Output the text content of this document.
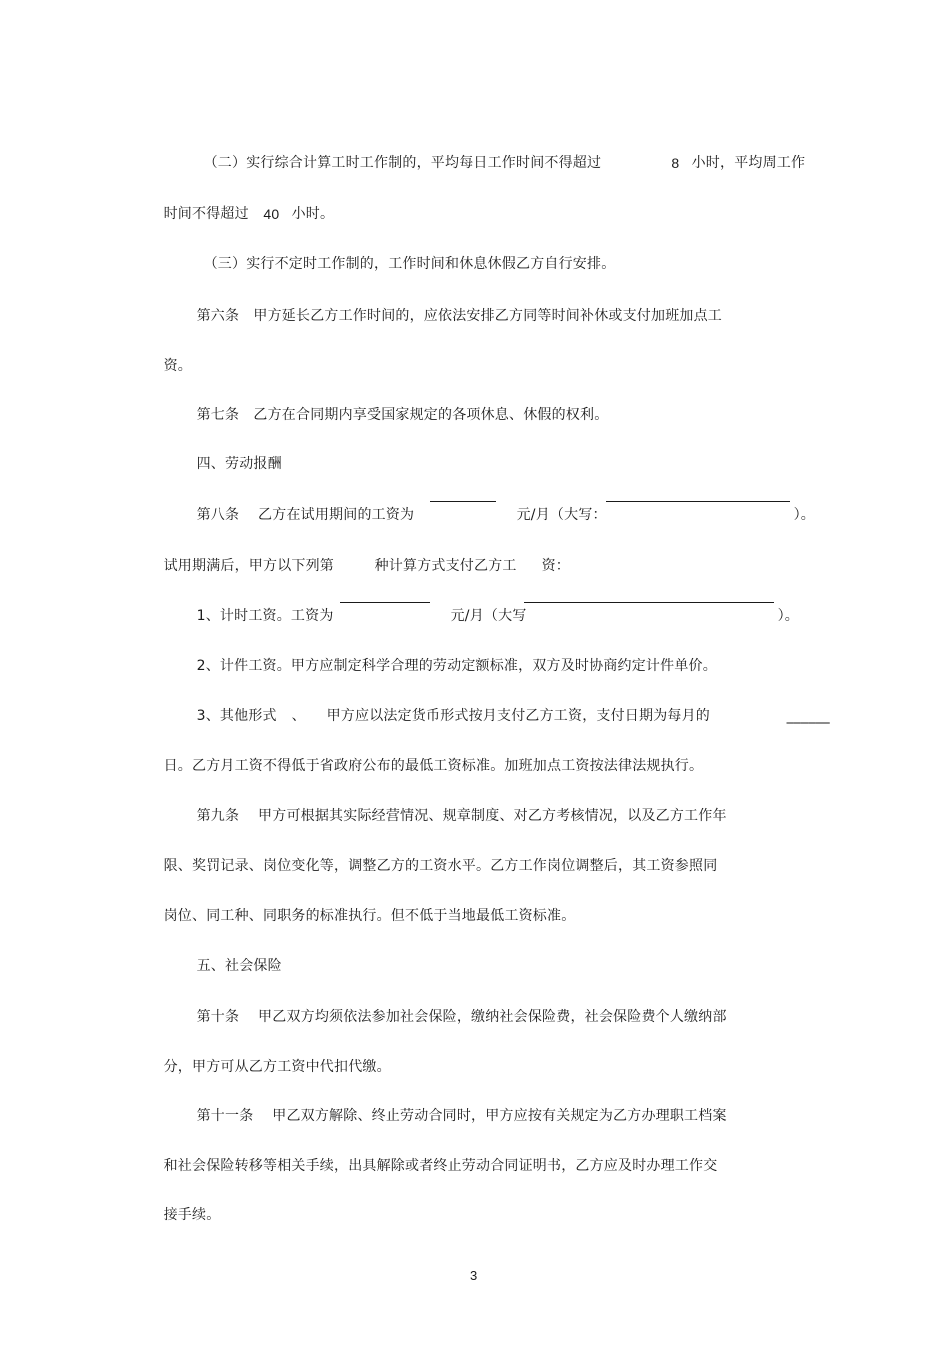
（二）实行综合计算工时工作制的，平均每日工作时间不得超过
	8
小时，平均周工作

时间不得超过
	40
小时。

（三）实行不定时工作制的，工作时间和休息休假乙方自行安排。

第六条　甲方延长乙方工作时间的，应依法安排乙方同等时间补休或支付加班加点工

资。

第七条　乙方在合同期内享受国家规定的各项休息、休假的权利。

四、劳动报酬

第八条　 乙方在试用期间的工资为
	元/月（大写：
	）。

试用期满后，甲方以下列第
	种计算方式支付乙方工
	资：

1、计时工资。工资为
	元/月（大写
	）。

2、计件工资。甲方应制定科学合理的劳动定额标准，双方及时协商约定计件单价。

3、其他形式
	、
	甲方应以法定货币形式按月支付乙方工资，支付日期为每月的
	______

日。乙方月工资不得低于省政府公布的最低工资标准。加班加点工资按法律法规执行。

第九条　 甲方可根据其实际经营情况、规章制度、对乙方考核情况，以及乙方工作年

限、奖罚记录、岗位变化等，调整乙方的工资水平。乙方工作岗位调整后，其工资参照同

岗位、同工种、同职务的标准执行。但不低于当地最低工资标准。

五、社会保险

第十条　 甲乙双方均须依法参加社会保险，缴纳社会保险费，社会保险费个人缴纳部

分，甲方可从乙方工资中代扣代缴。

第十一条　 甲乙双方解除、终止劳动合同时，甲方应按有关规定为乙方办理职工档案

和社会保险转移等相关手续，出具解除或者终止劳动合同证明书，乙方应及时办理工作交

接手续。

3
